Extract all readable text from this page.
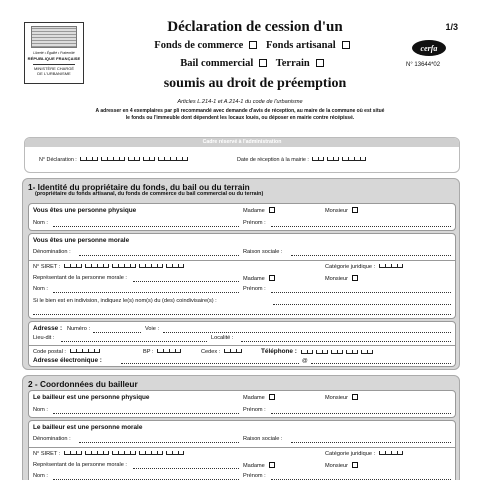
Liberté • Égalité • Fraternité
RÉPUBLIQUE FRANÇAISE
MINISTÈRE CHARGÉ
DE L'URBANISME
1/3
cerfa
N° 13644*02
Déclaration de cession d'un
Fonds de commerce Fonds artisanal
Bail commercial Terrain
soumis au droit de préemption
Articles L.214-1 et A.214-1 du code de l'urbanisme
A adresser en 4 exemplaires par pli recommandé avec demande d'avis de réception, au maire de la commune où est situé
le fonds ou l'immeuble dont dépendent les locaux loués, ou déposer en mairie contre récépissé.
Cadre réservé à l'administration
N° Déclaration :	Date de réception à la mairie :
1- Identité du propriétaire du fonds, du bail ou du terrain
(propriétaire du fonds artisanal, du fonds de commerce du bail commercial ou du terrain)
Vous êtes une personne physique	Madame	Monsieur
Nom :	Prénom :
Vous êtes une personne morale
Dénomination :	Raison sociale :
N° SIRET :	Catégorie juridique :
Représentant de la personne morale :	Madame	Monsieur
Nom :	Prénom :
Si le bien est en indivision, indiquez le(s) nom(s) du (des) coindivisaire(s) :
Adresse : Numéro :	Voie :
Lieu-dit :	Localité :
Code postal :	BP :	Cedex :	Téléphone :
Adresse électronique :	@
2 - Coordonnées du bailleur
Le bailleur est une personne physique	Madame	Monsieur
Nom :	Prénom :
Le bailleur est une personne morale
Dénomination :	Raison sociale :
N° SIRET :	Catégorie juridique :
Représentant de la personne morale :	Madame	Monsieur
Nom :	Prénom :
